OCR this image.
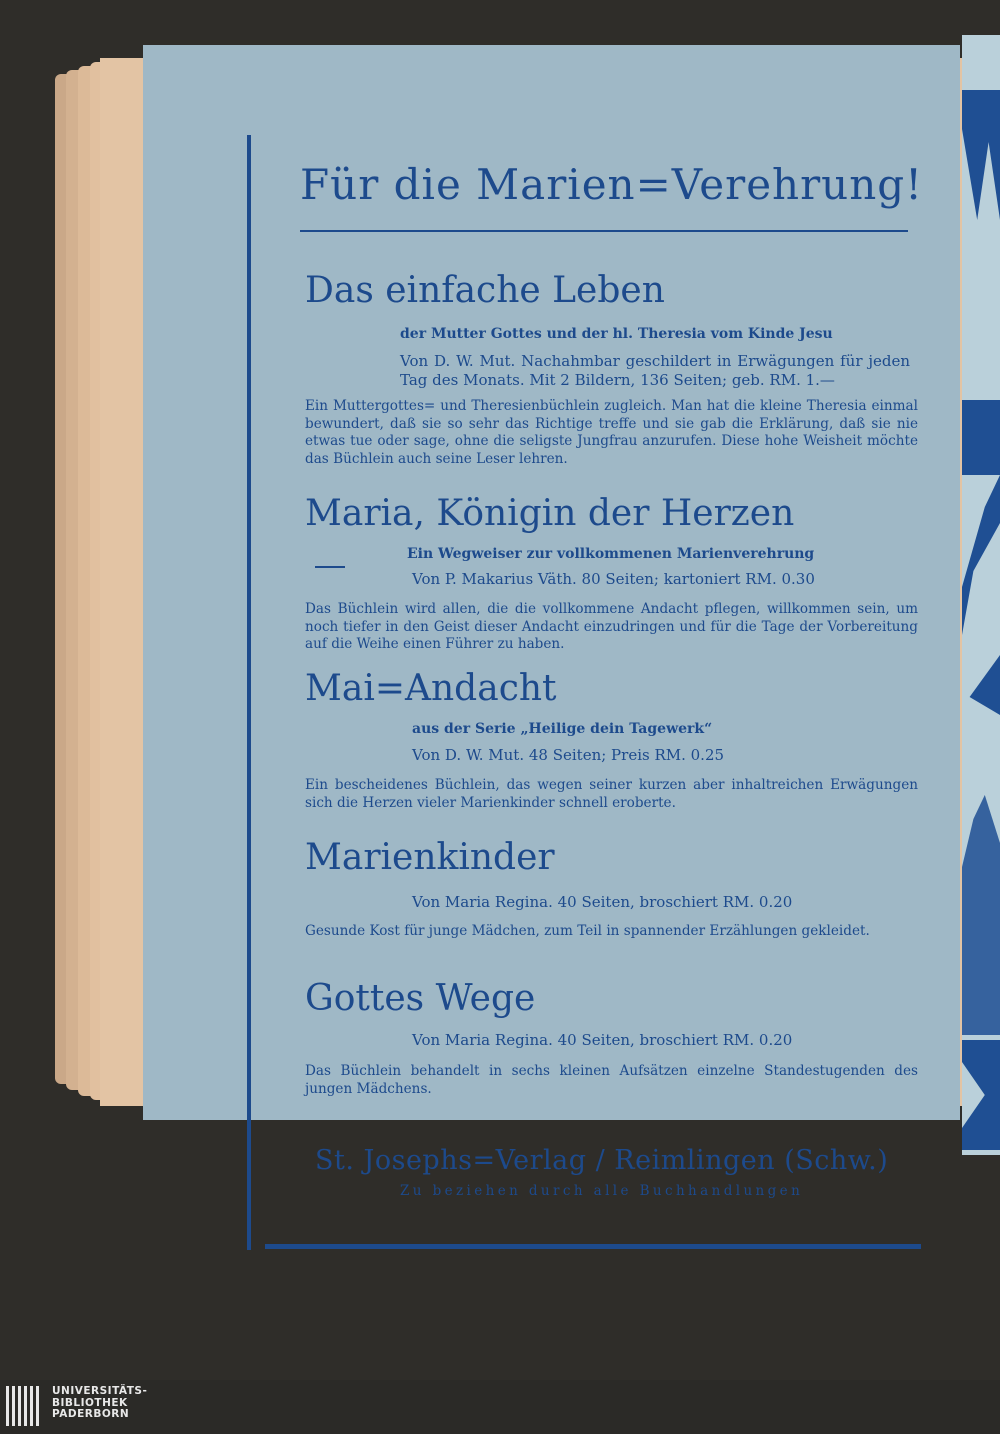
Für die Marien=Verehrung!
Das einfache Leben
der Mutter Gottes und der hl. Theresia vom Kinde Jesu
Von D. W. Mut. Nachahmbar geschildert in Erwägungen für jeden Tag des Monats. Mit 2 Bildern, 136 Seiten; geb. RM. 1.—
Ein Muttergottes= und Theresienbüchlein zugleich. Man hat die kleine Theresia einmal bewundert, daß sie so sehr das Richtige treffe und sie gab die Erklärung, daß sie nie etwas tue oder sage, ohne die seligste Jungfrau anzurufen. Diese hohe Weisheit möchte das Büchlein auch seine Leser lehren.
Maria, Königin der Herzen
Ein Wegweiser zur vollkommenen Marienverehrung
Von P. Makarius Väth. 80 Seiten; kartoniert RM. 0.30
Das Büchlein wird allen, die die vollkommene Andacht pflegen, willkommen sein, um noch tiefer in den Geist dieser Andacht einzudringen und für die Tage der Vorbereitung auf die Weihe einen Führer zu haben.
Mai=Andacht
aus der Serie „Heilige dein Tagewerk“
Von D. W. Mut. 48 Seiten; Preis RM. 0.25
Ein bescheidenes Büchlein, das wegen seiner kurzen aber inhaltreichen Erwägungen sich die Herzen vieler Marienkinder schnell eroberte.
Marienkinder
Von Maria Regina. 40 Seiten, broschiert RM. 0.20
Gesunde Kost für junge Mädchen, zum Teil in spannender Erzählungen gekleidet.
Gottes Wege
Von Maria Regina. 40 Seiten, broschiert RM. 0.20
Das Büchlein behandelt in sechs kleinen Aufsätzen einzelne Standestugenden des jungen Mädchens.
St. Josephs=Verlag / Reimlingen (Schw.)
Zu beziehen durch alle Buchhandlungen
UNIVERSITÄTS-
BIBLIOTHEK
PADERBORN
